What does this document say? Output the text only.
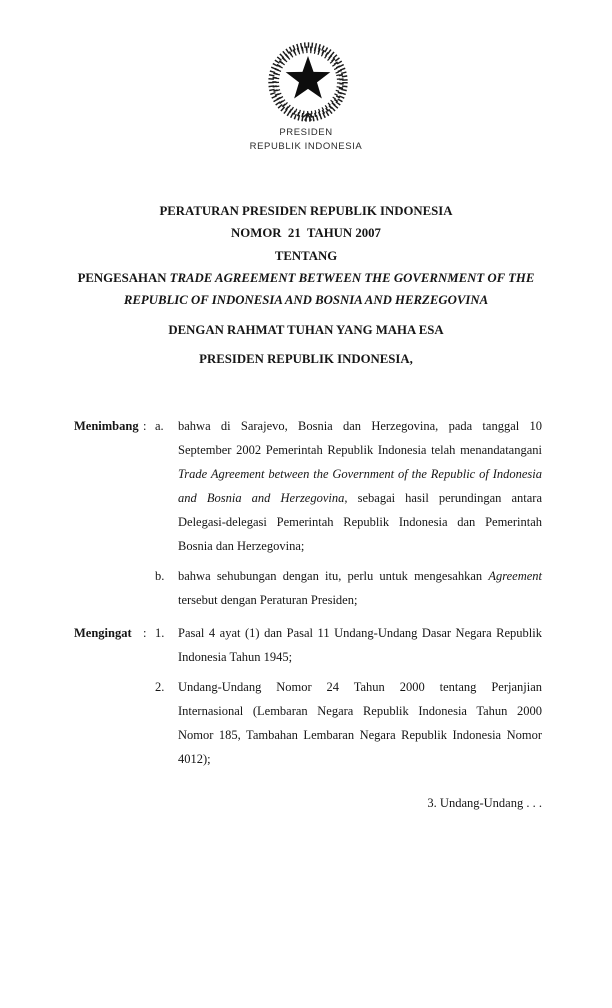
PRESIDEN
REPUBLIK INDONESIA
PERATURAN PRESIDEN REPUBLIK INDONESIA
NOMOR  21  TAHUN 2007
TENTANG
PENGESAHAN TRADE AGREEMENT BETWEEN THE GOVERNMENT OF THE
REPUBLIC OF INDONESIA AND BOSNIA AND HERZEGOVINA
DENGAN RAHMAT TUHAN YANG MAHA ESA
PRESIDEN REPUBLIK INDONESIA,
Menimbang : a.	bahwa di Sarajevo, Bosnia dan Herzegovina, pada tanggal 10
September 2002 Pemerintah Republik Indonesia telah menandatangani
Trade Agreement between the Government of the Republic of Indonesia
and Bosnia and Herzegovina, sebagai hasil perundingan antara
Delegasi-delegasi Pemerintah Republik Indonesia dan Pemerintah
Bosnia dan Herzegovina;
b.	bahwa sehubungan dengan itu, perlu untuk mengesahkan Agreement
tersebut dengan Peraturan Presiden;
Mengingat : 1.	Pasal 4 ayat (1) dan Pasal 11 Undang-Undang Dasar Negara Republik
Indonesia Tahun 1945;
2.	Undang-Undang Nomor 24 Tahun 2000 tentang Perjanjian
Internasional (Lembaran Negara Republik Indonesia Tahun 2000
Nomor 185, Tambahan Lembaran Negara Republik Indonesia Nomor
4012);
3. Undang-Undang . . .
